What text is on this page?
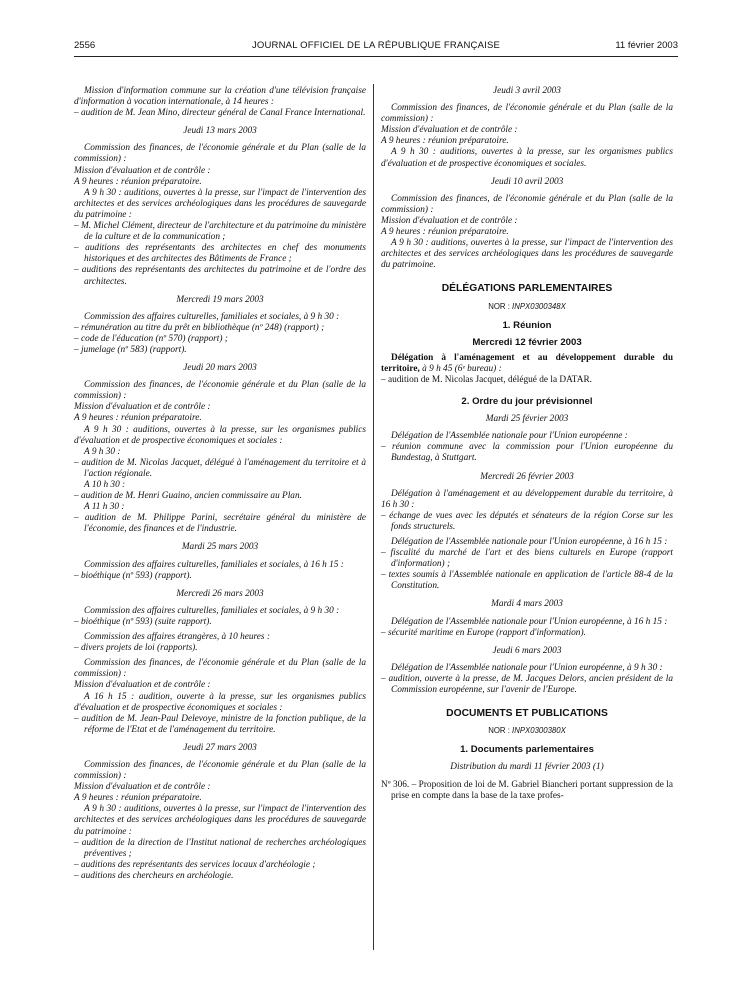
2556	JOURNAL OFFICIEL DE LA RÉPUBLIQUE FRANÇAISE	11 février 2003

Mission d'information commune sur la création d'une télévision française d'information à vocation internationale, à 14 heures :

– audition de M. Jean Mino, directeur général de Canal France International.

Jeudi 13 mars 2003

Commission des finances, de l'économie générale et du Plan (salle de la commission) :

Mission d'évaluation et de contrôle :

A 9 heures : réunion préparatoire.

A 9 h 30 : auditions, ouvertes à la presse, sur l'impact de l'intervention des architectes et des services archéologiques dans les procédures de sauvegarde du patrimoine :

– M. Michel Clément, directeur de l'architecture et du patrimoine du ministère de la culture et de la communication ;

– auditions des représentants des architectes en chef des monuments historiques et des architectes des Bâtiments de France ;

– auditions des représentants des architectes du patrimoine et de l'ordre des architectes.

Mercredi 19 mars 2003

Commission des affaires culturelles, familiales et sociales, à 9 h 30 :

– rémunération au titre du prêt en bibliothèque (nº 248) (rapport) ;

– code de l'éducation (nº 570) (rapport) ;

– jumelage (nº 583) (rapport).

Jeudi 20 mars 2003

Commission des finances, de l'économie générale et du Plan (salle de la commission) :

Mission d'évaluation et de contrôle :

A 9 heures : réunion préparatoire.

A 9 h 30 : auditions, ouvertes à la presse, sur les organismes publics d'évaluation et de prospective économiques et sociales :

A 9 h 30 :

– audition de M. Nicolas Jacquet, délégué à l'aménagement du territoire et à l'action régionale.

A 10 h 30 :

– audition de M. Henri Guaino, ancien commissaire au Plan.

A 11 h 30 :

– audition de M. Philippe Parini, secrétaire général du ministère de l'économie, des finances et de l'industrie.

Mardi 25 mars 2003

Commission des affaires culturelles, familiales et sociales, à 16 h 15 :

– bioéthique (nº 593) (rapport).

Mercredi 26 mars 2003

Commission des affaires culturelles, familiales et sociales, à 9 h 30 :

– bioéthique (nº 593) (suite rapport).

Commission des affaires étrangères, à 10 heures :

– divers projets de loi (rapports).

Commission des finances, de l'économie générale et du Plan (salle de la commission) :

Mission d'évaluation et de contrôle :

A 16 h 15 : audition, ouverte à la presse, sur les organismes publics d'évaluation et de prospective économiques et sociales :

– audition de M. Jean-Paul Delevoye, ministre de la fonction publique, de la réforme de l'Etat et de l'aménagement du territoire.

Jeudi 27 mars 2003

Commission des finances, de l'économie générale et du Plan (salle de la commission) :

Mission d'évaluation et de contrôle :

A 9 heures : réunion préparatoire.

A 9 h 30 : auditions, ouvertes à la presse, sur l'impact de l'intervention des architectes et des services archéologiques dans les procédures de sauvegarde du patrimoine :

– audition de la direction de l'Institut national de recherches archéologiques préventives ;

– auditions des représentants des services locaux d'archéologie ;

– auditions des chercheurs en archéologie.

Jeudi 3 avril 2003

Commission des finances, de l'économie générale et du Plan (salle de la commission) :

Mission d'évaluation et de contrôle :

A 9 heures : réunion préparatoire.

A 9 h 30 : auditions, ouvertes à la presse, sur les organismes publics d'évaluation et de prospective économiques et sociales.

Jeudi 10 avril 2003

Commission des finances, de l'économie générale et du Plan (salle de la commission) :

Mission d'évaluation et de contrôle :

A 9 heures : réunion préparatoire.

A 9 h 30 : auditions, ouvertes à la presse, sur l'impact de l'intervention des architectes et des services archéologiques dans les procédures de sauvegarde du patrimoine.

DÉLÉGATIONS PARLEMENTAIRES

NOR : INPX0300348X

1. Réunion

Mercredi 12 février 2003

Délégation à l'aménagement et au développement durable du territoire, à 9 h 45 (6ᵉ bureau) :

– audition de M. Nicolas Jacquet, délégué de la DATAR.

2. Ordre du jour prévisionnel

Mardi 25 février 2003

Délégation de l'Assemblée nationale pour l'Union européenne :

– réunion commune avec la commission pour l'Union européenne du Bundestag, à Stuttgart.

Mercredi 26 février 2003

Délégation à l'aménagement et au développement durable du territoire, à 16 h 30 :

– échange de vues avec les députés et sénateurs de la région Corse sur les fonds structurels.

Délégation de l'Assemblée nationale pour l'Union européenne, à 16 h 15 :

– fiscalité du marché de l'art et des biens culturels en Europe (rapport d'information) ;

– textes soumis à l'Assemblée nationale en application de l'article 88-4 de la Constitution.

Mardi 4 mars 2003

Délégation de l'Assemblée nationale pour l'Union européenne, à 16 h 15 :

– sécurité maritime en Europe (rapport d'information).

Jeudi 6 mars 2003

Délégation de l'Assemblée nationale pour l'Union européenne, à 9 h 30 :

– audition, ouverte à la presse, de M. Jacques Delors, ancien président de la Commission européenne, sur l'avenir de l'Europe.

DOCUMENTS ET PUBLICATIONS

NOR : INPX0300380X

1. Documents parlementaires

Distribution du mardi 11 février 2003 (1)

Nº 306. – Proposition de loi de M. Gabriel Biancheri portant suppression de la prise en compte dans la base de la taxe profes-
